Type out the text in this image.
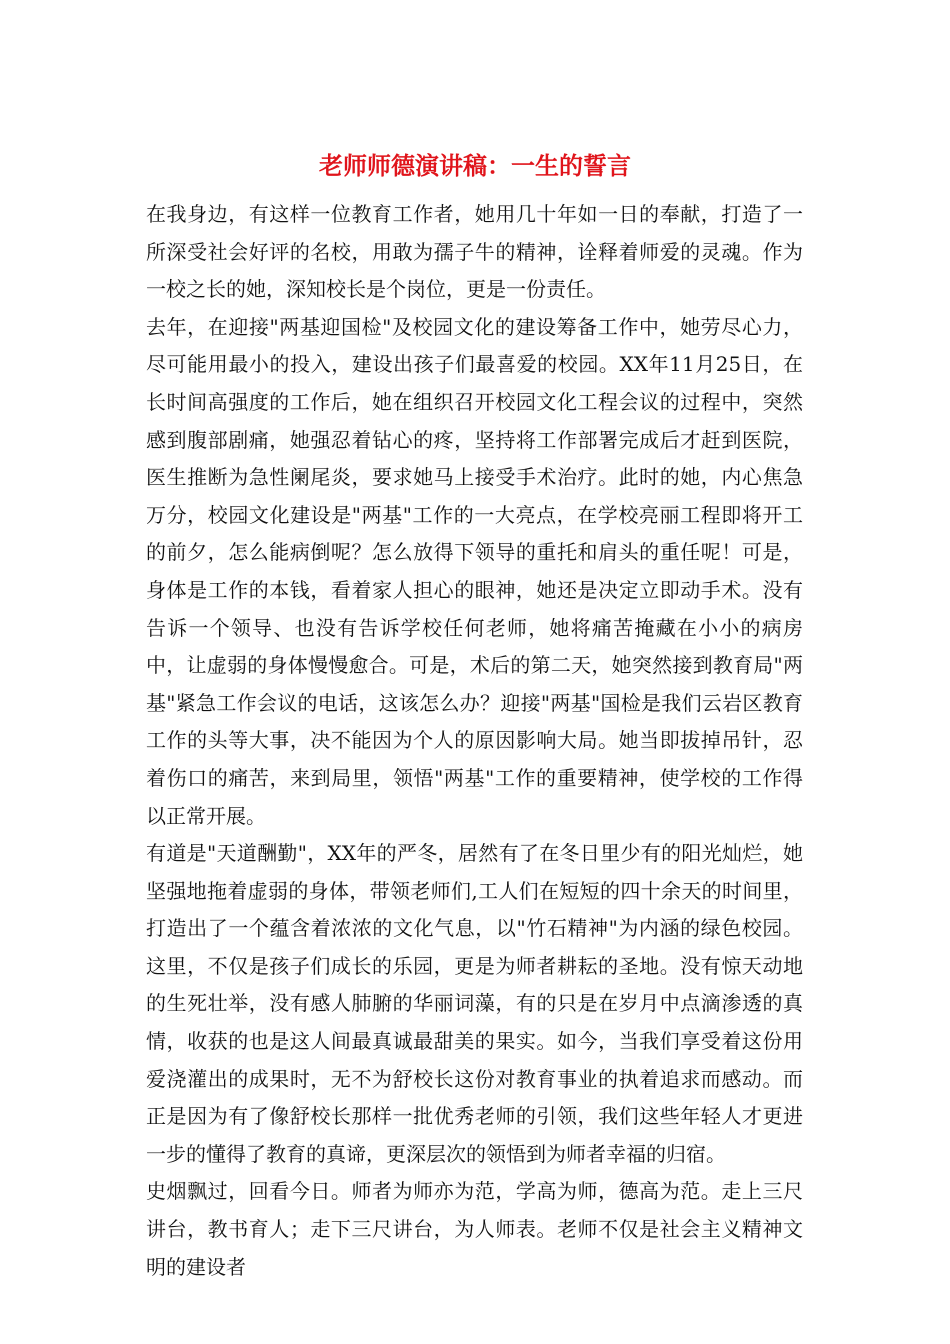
老师师德演讲稿：一生的誓言

在我身边，有这样一位教育工作者，她用几十年如一日的奉献，打造了一所深受社会好评的名校，用敢为孺子牛的精神，诠释着师爱的灵魂。作为一校之长的她，深知校长是个岗位，更是一份责任。

去年，在迎接"两基迎国检"及校园文化的建设筹备工作中，她劳尽心力，尽可能用最小的投入，建设出孩子们最喜爱的校园。XX年11月25日，在长时间高强度的工作后，她在组织召开校园文化工程会议的过程中，突然感到腹部剧痛，她强忍着钻心的疼，坚持将工作部署完成后才赶到医院，医生推断为急性阑尾炎，要求她马上接受手术治疗。此时的她，内心焦急万分，校园文化建设是"两基"工作的一大亮点，在学校亮丽工程即将开工的前夕，怎么能病倒呢？怎么放得下领导的重托和肩头的重任呢！可是，身体是工作的本钱，看着家人担心的眼神，她还是决定立即动手术。没有告诉一个领导、也没有告诉学校任何老师，她将痛苦掩藏在小小的病房中，让虚弱的身体慢慢愈合。可是，术后的第二天，她突然接到教育局"两基"紧急工作会议的电话，这该怎么办？迎接"两基"国检是我们云岩区教育工作的头等大事，决不能因为个人的原因影响大局。她当即拔掉吊针，忍着伤口的痛苦，来到局里，领悟"两基"工作的重要精神，使学校的工作得以正常开展。

有道是"天道酬勤"，XX年的严冬，居然有了在冬日里少有的阳光灿烂，她坚强地拖着虚弱的身体，带领老师们,工人们在短短的四十余天的时间里，打造出了一个蕴含着浓浓的文化气息，以"竹石精神"为内涵的绿色校园。这里，不仅是孩子们成长的乐园，更是为师者耕耘的圣地。没有惊天动地的生死壮举，没有感人肺腑的华丽词藻，有的只是在岁月中点滴渗透的真情，收获的也是这人间最真诚最甜美的果实。如今，当我们享受着这份用爱浇灌出的成果时，无不为舒校长这份对教育事业的执着追求而感动。而正是因为有了像舒校长那样一批优秀老师的引领，我们这些年轻人才更进一步的懂得了教育的真谛，更深层次的领悟到为师者幸福的归宿。

史烟飘过，回看今日。师者为师亦为范，学高为师，德高为范。走上三尺讲台，教书育人；走下三尺讲台，为人师表。老师不仅是社会主义精神文明的建设者
